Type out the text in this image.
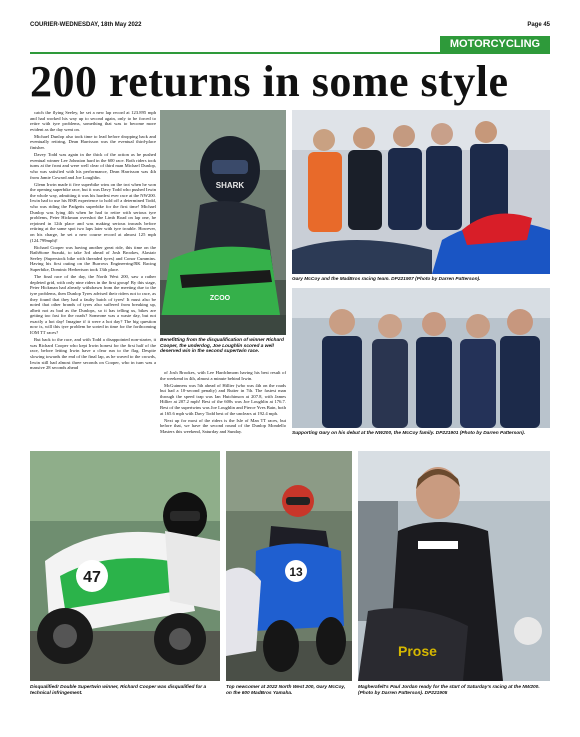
COURIER-WEDNESDAY, 18th May 2022	Page 45
MOTORCYCLING
200 returns in some style

catch the flying Seeley, he set a new lap record at 123.895 mph and had worked his way up to second again, only to be forced to retire with tyre problems, something that was to become more evident as the day went on.

Michael Dunlop also took time to lead before dropping back and eventually retiring, Dean Harrisson was the eventual third-place finisher.

Davey Todd was again in the thick of the action as he pushed eventual winner Lee Johnston hard in the 600 race. Both riders took turns at the front and were well clear of third man Michael Dunlop, who was satisfied with his performance, Dean Harrisson was 4th from Jamie Coward and Joe Loughlin.

Glenn Irwin made it five superbike wins on the trot when he won the opening superbike race, but it was Davy Todd who pushed Irwin the whole way, admitting it was his hardest ever race at the NW200. Irwin had to use his BSB experience to hold off a determined Todd, who was riding the Padgetts superbike for the first time! Michael Dunlop was lying 4th when he had to retire with serious tyre problems, Peter Hickman overshot the Limb Road on lap one, he rejoined in 12th place and was making serious inroads before retiring at the same spot two laps later with tyre trouble. However, on his charge, he set a new course record at almost 125 mph (124.799mph)!

Richard Cooper was having another great ride, this time on the BathStone Suzuki, to take 3rd ahead of Josh Brookes, Alastair Seeley (Superstock bike with threaded tyres) and Conor Cummins. Having his first outing on the Burrows Engineering/RK Racing Superbike, Dominic Herbertson took 13th place.

The final race of the day, the North West 200, saw a rather depleted grid, with only nine riders in the first group! By this stage, Peter Hickman had already withdrawn from the meeting due to the tyre problems, then Dunlop Tyres advised their riders not to race, as they found that they had a faulty batch of tyres! It must also be noted that other brands of tyres also suffered from breaking up, albeit not as bad as the Dunlops, so it has telling us, bikes are getting too fast for the roads? Someone was a waste day, but not exactly a hot day! Imagine if it were a hot day? The big question now is, will this tyre problem be sorted in time for the forthcoming IOM TT races?

But back to the race, and with Todd a disappointed non-starter, it was Richard Cooper who kept Irwin honest for the first half of the race, before letting Irwin have a clear run to the flag. Despite slowing towards the end of the final lap, as he waved to the crowds, Irwin still had almost three seconds on Cooper, who in turn was a massive 28 seconds ahead

SHARK
ZCOO
Benefitting from the disqualification of winner Richard Cooper, the underdog, Joe Loughlin scored a well deserved win in the second supertwin race.

of Josh Brookes, with Lee Hardchmom having his best result of the weekend in 4th, almost a minute behind Irwin.

McGuinness was 5th ahead of Hillier (who was 4th on the roads but had a 10-second penalty) and Rutter in 7th. The fastest man through the speed trap was Ian Hutchinson at 207.8, with James Hillier at 207.2 mph! Best of the 600s was Joe Loughlin at 176.7. Best of the supertwins was Joe Loughlin and Pierce Yves Bain, both at 165.6 mph with Davy Todd best of the unclears at 192.4 mph.

Next up for most of the riders is the Isle of Man TT races, but before that, we have the second round of the Dunlop Mondello Masters this weekend, Saturday and Sunday.

Gary McCoy and the MadBros racing team. DP221907 (Photo by Darren Patterson).
Supporting Gary on his debut at the NW200, the McCoy family. DP221901 (Photo by Darren Patterson).
47
Disqualified! Double Supertwin winner, Richard Cooper was disqualified for a technical infringement.
13
Top newcomer at 2022 North West 200, Gary McCoy, on the 600 MadBros Yamaha.
Prose
Magherafelt's Paul Jordan ready for the start of Saturday's racing at the NW200. (Photo by Darren Patterson). DP221905
